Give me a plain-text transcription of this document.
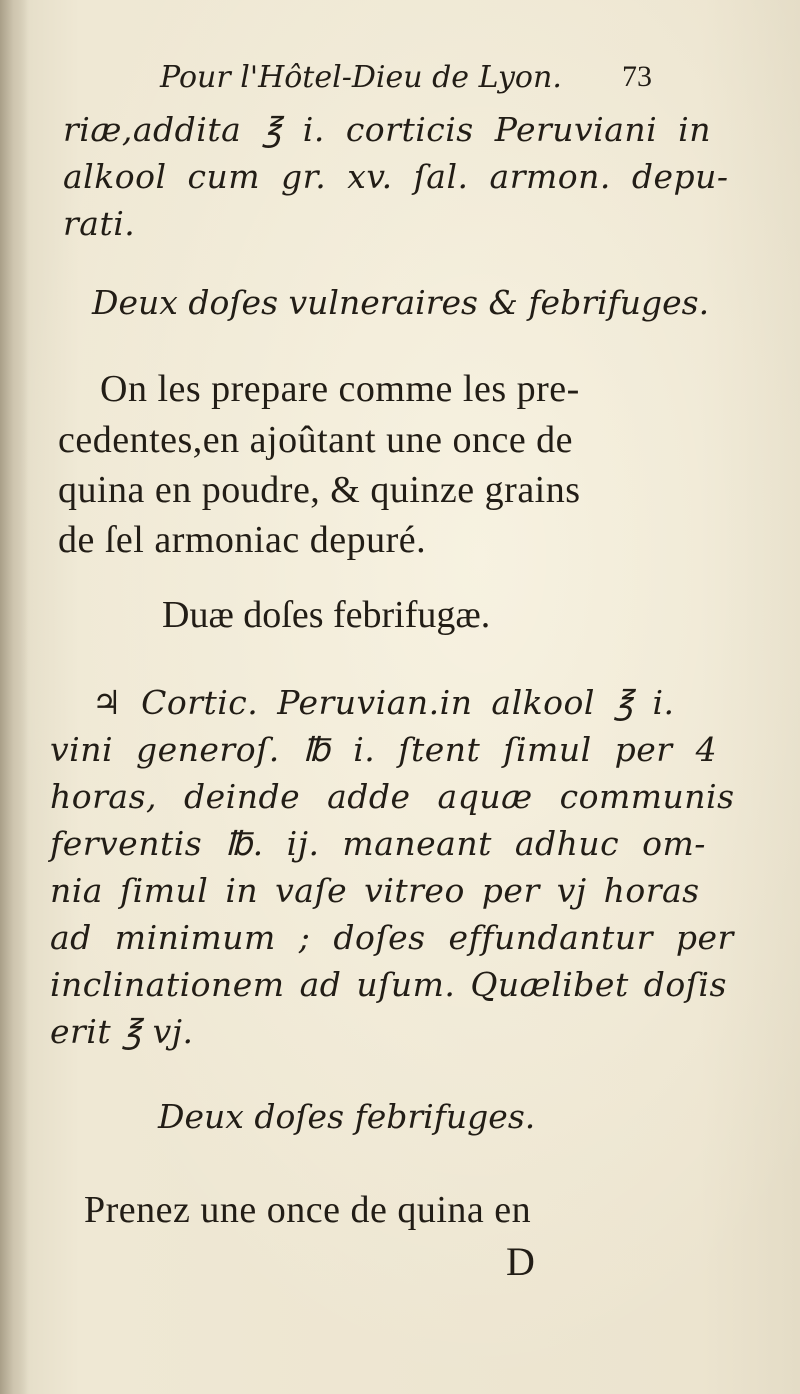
Pour l'Hôtel-Dieu de Lyon. 73
riæ,addita ℥ i. corticis Peruviani in
alkool cum gr. xv. ſal. armon. depu-
rati.
Deux doſes vulneraires & febrifuges.
On les prepare comme les pre-
cedentes,en ajoûtant une once de
quina en poudre, & quinze grains
de ſel armoniac depuré.
Duæ doſes febrifugæ.
♃ Cortic. Peruvian.in alkool ℥ i.
vini generoſ. ℔ i. ſtent ſimul per 4
horas, deinde adde aquæ communis
ferventis ℔. ij. maneant adhuc om-
nia ſimul in vaſe vitreo per vj horas
ad minimum ; doſes effundantur per
inclinationem ad uſum. Quælibet doſis
erit ℥ vj.
Deux doſes febrifuges.
Prenez une once de quina en
D
